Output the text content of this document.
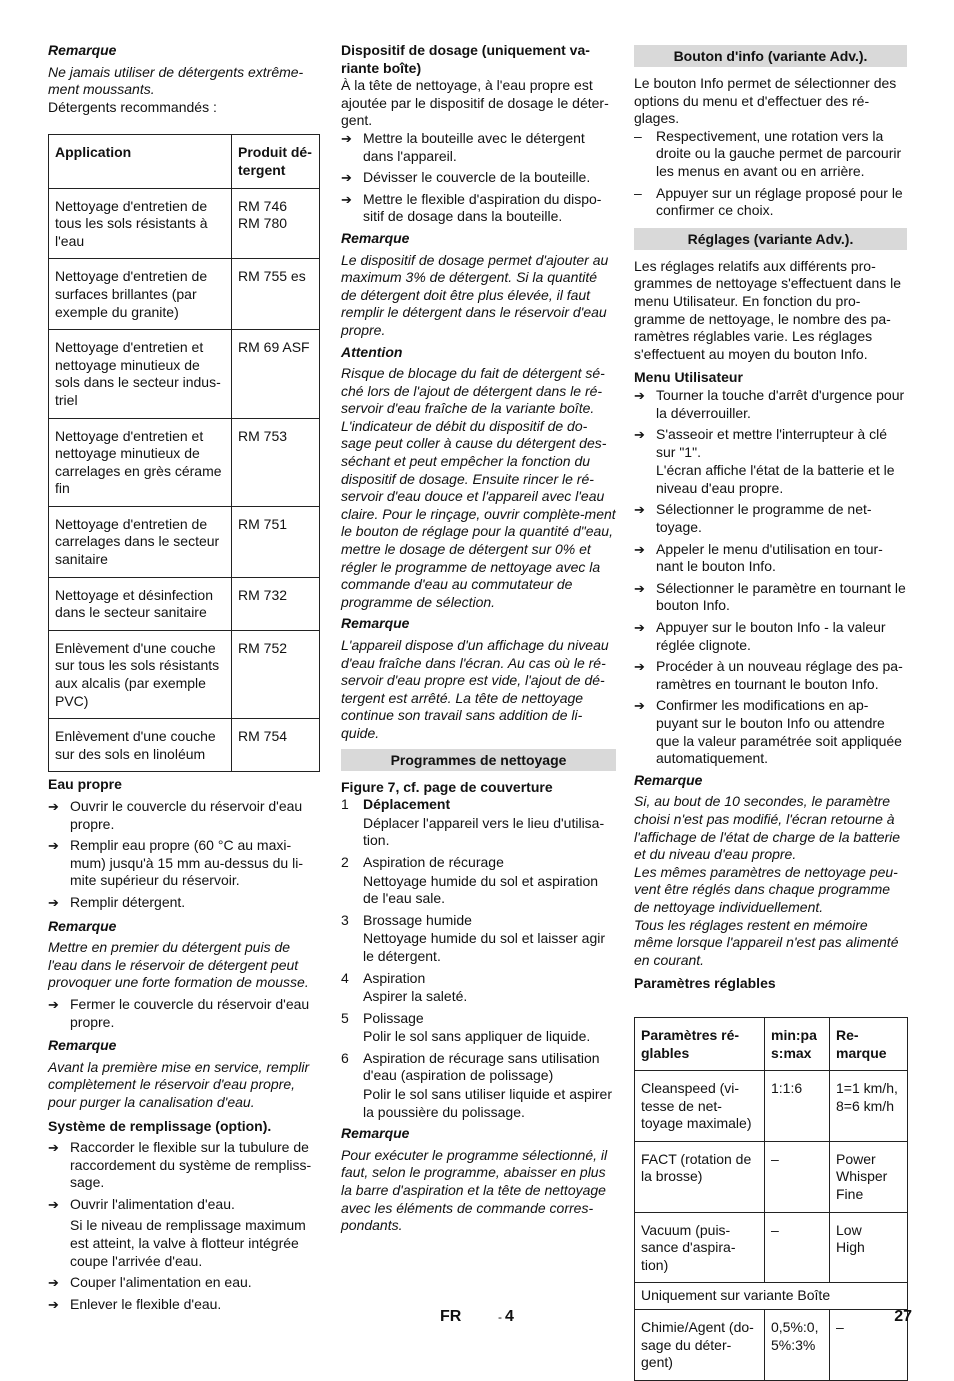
Remarque
Ne jamais utiliser de détergents extrême-ment moussants.
Détergents recommandés :
Application	Produit dé-tergent
Nettoyage d'entretien de tous les sols résistants à l'eau	RM 746
RM 780
Nettoyage d'entretien de surfaces brillantes (par exemple du granite)	RM 755 es
Nettoyage d'entretien et nettoyage minutieux de sols dans le secteur indus-triel	RM 69 ASF
Nettoyage d'entretien et nettoyage minutieux de carrelages en grès cérame fin	RM 753
Nettoyage d'entretien de carrelages dans le secteur sanitaire	RM 751
Nettoyage et désinfection dans le secteur sanitaire	RM 732
Enlèvement d'une couche sur tous les sols résistants aux alcalis (par exemple PVC)	RM 752
Enlèvement d'une couche sur des sols en linoléum	RM 754
Eau propre
➔
Ouvrir le couvercle du réservoir d'eau propre.
➔
Remplir eau propre (60 °C au maxi-mum) jusqu'à 15 mm au-dessus du li-mite supérieur du réservoir.
➔
Remplir détergent.
Remarque
Mettre en premier du détergent puis de l'eau dans le réservoir de détergent peut provoquer une forte formation de mousse.
➔
Fermer le couvercle du réservoir d'eau propre.
Remarque
Avant la première mise en service, remplir complètement le réservoir d'eau propre, pour purger la canalisation d'eau.
Système de remplissage (option).
➔
Raccorder le flexible sur la tubulure de raccordement du système de rempliss-sage.
➔
Ouvrir l'alimentation d'eau.
Si le niveau de remplissage maximum est atteint, la valve à flotteur intégrée coupe l'arrivée d'eau.
➔
Couper l'alimentation en eau.
➔
Enlever le flexible d'eau.
Dispositif de dosage (uniquement va-riante boîte)
À la tête de nettoyage, à l'eau propre est ajoutée par le dispositif de dosage le déter-gent.
➔
Mettre la bouteille avec le détergent dans l'appareil.
➔
Dévisser le couvercle de la bouteille.
➔
Mettre le flexible d'aspiration du dispo-sitif de dosage dans la bouteille.
Remarque
Le dispositif de dosage permet d'ajouter au maximum 3% de détergent. Si la quantité de détergent doit être plus élevée, il faut remplir le détergent dans le réservoir d'eau propre.
Attention
Risque de blocage du fait de détergent sé-ché lors de l'ajout de détergent dans le ré-servoir d'eau fraîche de la variante boîte. L'indicateur de débit du dispositif de do-sage peut coller à cause du détergent des-séchant et peut empêcher la fonction du dispositif de dosage. Ensuite rincer le ré-servoir d'eau douce et l'appareil avec l'eau claire. Pour le rinçage, ouvrir complète-ment le bouton de réglage pour la quantité d"eau, mettre le dosage de détergent sur 0% et régler le programme de nettoyage avec la commande d'eau au commutateur de programme de sélection.
Remarque
L'appareil dispose d'un affichage du niveau d'eau fraîche dans l'écran. Au cas où le ré-servoir d'eau propre est vide, l'ajout de dé-tergent est arrêté. La tête de nettoyage continue son travail sans addition de li-quide.
Programmes de nettoyage
Figure 7, cf. page de couverture
1 Déplacement
Déplacer l'appareil vers le lieu d'utilisa-tion.
2 Aspiration de récurage
Nettoyage humide du sol et aspiration de l'eau sale.
3 Brossage humide
Nettoyage humide du sol et laisser agir le détergent.
4 Aspiration
Aspirer la saleté.
5 Polissage
Polir le sol sans appliquer de liquide.
6 Aspiration de récurage sans utilisation d'eau (aspiration de polissage)
Polir le sol sans utiliser liquide et aspirer la poussière du polissage.
Remarque
Pour exécuter le programme sélectionné, il faut, selon le programme, abaisser en plus la barre d'aspiration et la tête de nettoyage avec les éléments de commande corres-pondants.
Bouton d'info (variante Adv.).
Le bouton Info permet de sélectionner des options du menu et d'effectuer des ré-glages.
– Respectivement, une rotation vers la droite ou la gauche permet de parcourir les menus en avant ou en arrière.
– Appuyer sur un réglage proposé pour le confirmer ce choix.
Réglages (variante Adv.).
Les réglages relatifs aux différents pro-grammes de nettoyage s'effectuent dans le menu Utilisateur. En fonction du pro-gramme de nettoyage, le nombre des pa-ramètres réglables varie. Les réglages s'effectuent au moyen du bouton Info.
Menu Utilisateur
➔
Tourner la touche d'arrêt d'urgence pour la déverrouiller.
➔
S'asseoir et mettre l'interrupteur à clé sur "1".
L'écran affiche l'état de la batterie et le niveau d'eau propre.
➔
Sélectionner le programme de net-toyage.
➔
Appeler le menu d'utilisation en tour-nant le bouton Info.
➔
Sélectionner le paramètre en tournant le bouton Info.
➔
Appuyer sur le bouton Info - la valeur réglée clignote.
➔
Procéder à un nouveau réglage des pa-ramètres en tournant le bouton Info.
➔
Confirmer les modifications en ap-puyant sur le bouton Info ou attendre que la valeur paramétrée soit appliquée automatiquement.
Remarque
Si, au bout de 10 secondes, le paramètre choisi n'est pas modifié, l'écran retourne à l'affichage de l'état de charge de la batterie et du niveau d'eau propre.
Les mêmes paramètres de nettoyage peu-vent être réglés dans chaque programme de nettoyage individuellement.
Tous les réglages restent en mémoire même lorsque l'appareil n'est pas alimenté en courant.
Paramètres réglables
Paramètres ré-glables	min:pa s:max	Re-marque
Cleanspeed (vi-tesse de net-toyage maximale)	1:1:6	1=1 km/h, 8=6 km/h
FACT (rotation de la brosse)	–	Power
Whisper
Fine
Vacuum (puis-sance d'aspira-tion)	–	Low
High
Uniquement sur variante Boîte		
Chimie/Agent (do-sage du déter-gent)	0,5%:0, 5%:3%	–
FR	- 4	27
